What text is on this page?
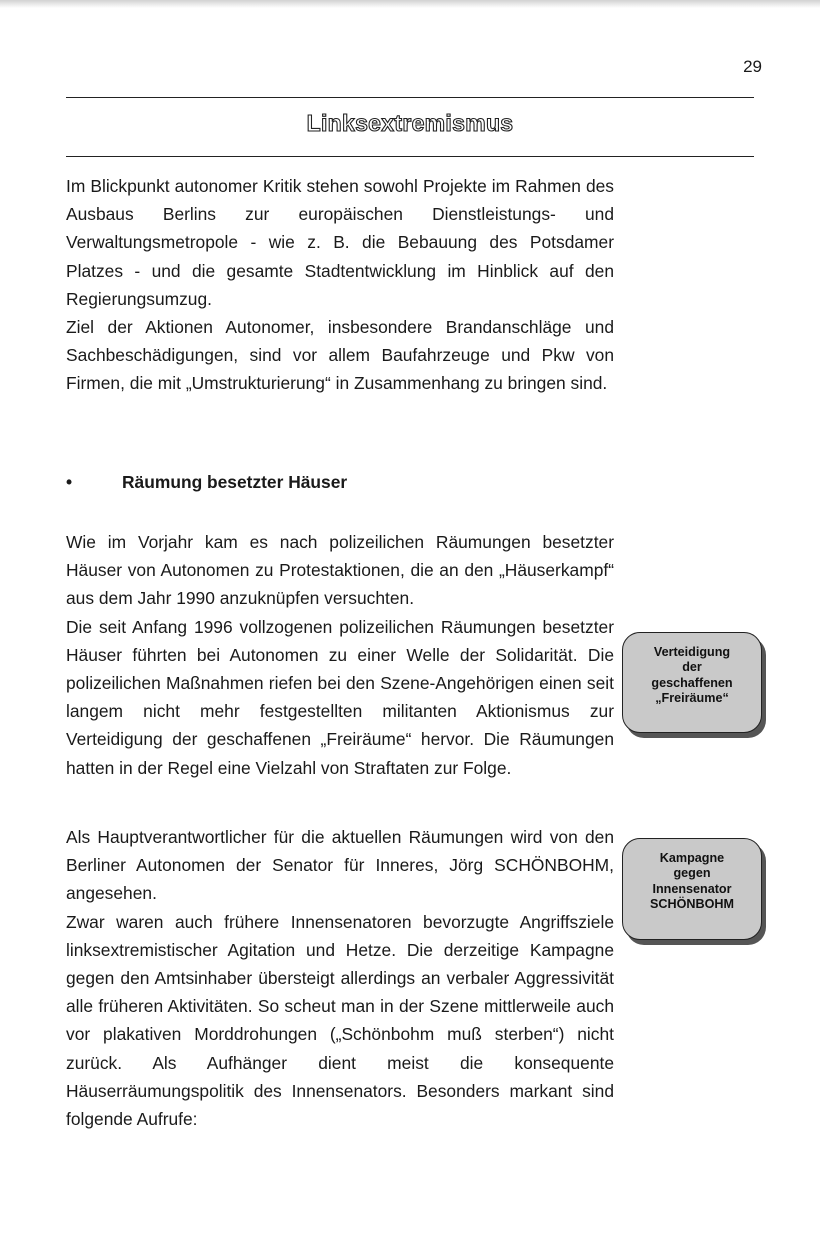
29
Linksextremismus

Im Blickpunkt autonomer Kritik stehen sowohl Projekte im Rahmen des Ausbaus Berlins zur europäischen Dienstleistungs- und Verwaltungsmetropole - wie z. B. die Bebauung des Potsdamer Platzes - und die gesamte Stadtentwicklung im Hinblick auf den Regierungsumzug.

Ziel der Aktionen Autonomer, insbesondere Brandanschläge und Sachbeschädigungen, sind vor allem Baufahrzeuge und Pkw von Firmen, die mit „Umstrukturierung“ in Zusammenhang zu bringen sind.

•	Räumung besetzter Häuser

Wie im Vorjahr kam es nach polizeilichen Räumungen besetzter Häuser von Autonomen zu Protestaktionen, die an den „Häuserkampf“ aus dem Jahr 1990 anzuknüpfen versuchten.

Die seit Anfang 1996 vollzogenen polizeilichen Räumungen besetzter Häuser führten bei Autonomen zu einer Welle der Solidarität. Die polizeilichen Maßnahmen riefen bei den Szene-Angehörigen einen seit langem nicht mehr festgestellten militanten Aktionismus zur Verteidigung der geschaffenen „Freiräume“ hervor. Die Räumungen hatten in der Regel eine Vielzahl von Straftaten zur Folge.

Als Hauptverantwortlicher für die aktuellen Räumungen wird von den Berliner Autonomen der Senator für Inneres, Jörg SCHÖNBOHM, angesehen.

Zwar waren auch frühere Innensenatoren bevorzugte Angriffsziele linksextremistischer Agitation und Hetze. Die derzeitige Kampagne gegen den Amtsinhaber übersteigt allerdings an verbaler Aggressivität alle früheren Aktivitäten. So scheut man in der Szene mittlerweile auch vor plakativen Morddrohungen („Schönbohm muß sterben“) nicht zurück. Als Aufhänger dient meist die konsequente Häuserräumungspolitik des Innensenators. Besonders markant sind folgende Aufrufe:

Verteidigung
der
geschaffenen
„Freiräume“
Kampagne
gegen
Innensenator
SCHÖNBOHM
